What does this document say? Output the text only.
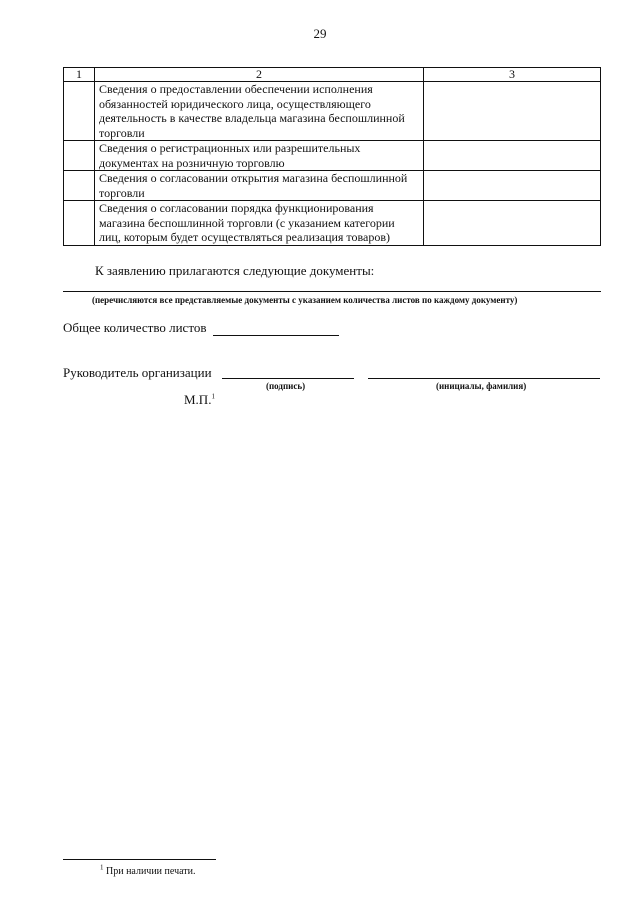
29
1	2	3
	Сведения о предоставлении обеспечении исполнения обязанностей юридического лица, осуществляющего деятельность в качестве владельца магазина беспошлинной торговли	
	Сведения о регистрационных или разрешительных документах на розничную торговлю	
	Сведения о согласовании открытия магазина беспошлинной торговли	
	Сведения о согласовании порядка функционирования магазина беспошлинной торговли (с указанием категории лиц, которым будет осуществляться реализация товаров)	
К заявлению прилагаются следующие документы:
(перечисляются все представляемые документы с указанием количества листов по каждому документу)
Общее количество листов
Руководитель организации
(подпись)	(инициалы, фамилия)
М.П.$^1$
$^1$ При наличии печати.
